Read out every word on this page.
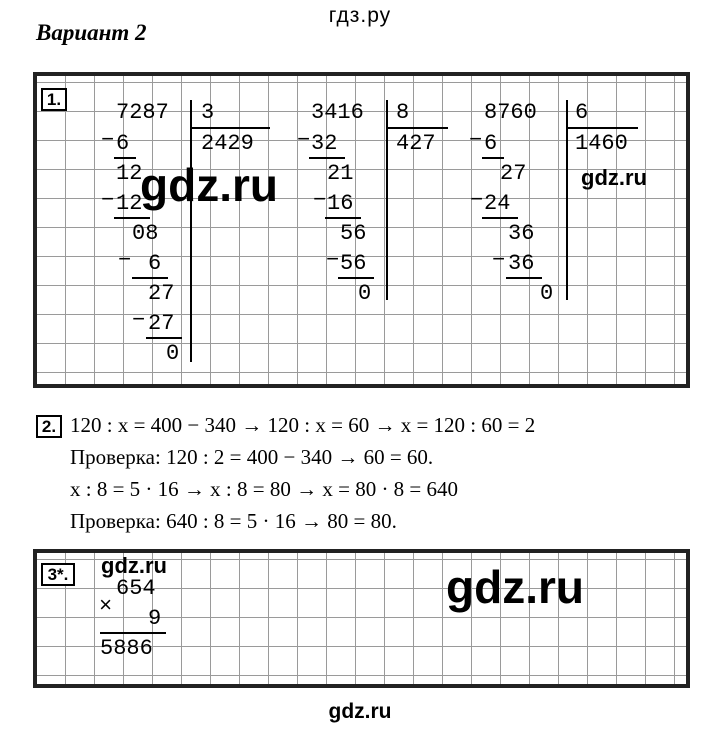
гдз.ру
Вариант 2
1.
7287 3
2429
− 6
12
− 12
08
− 6
27
− 27
0
3416 8
427
− 32
21
− 16
56
− 56
0
8760 6
1460
− 6
27
− 24
36
− 36
0
gdz.ru	gdz.ru
2. 120 : x = 400 − 340 → 120 : x = 60 → x = 120 : 60 = 2
Проверка: 120 : 2 = 400 − 340 → 60 = 60.
x : 8 = 5 · 16 → x : 8 = 80 → x = 80 · 8 = 640
Проверка: 640 : 8 = 5 · 16 → 80 = 80.
3*.
654
× 9
5886
gdz.ru	gdz.ru
gdz.ru
